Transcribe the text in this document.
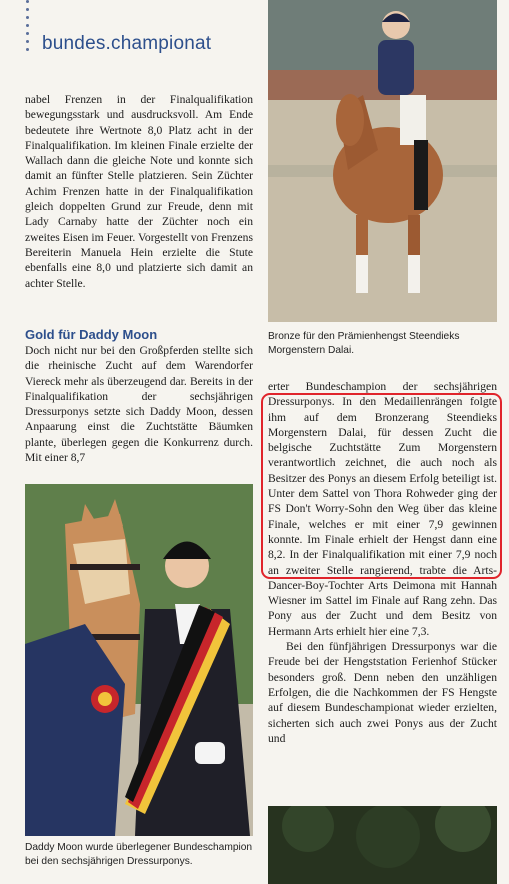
bundes.championat

nabel Frenzen in der Finalqualifikation bewegungsstark und ausdrucksvoll. Am Ende bedeutete ihre Wertnote 8,0 Platz acht in der Finalqualifikation. Im kleinen Finale erzielte der Wallach dann die gleiche Note und konnte sich damit an fünfter Stelle platzieren. Sein Züchter Achim Frenzen hatte in der Finalqualifikation gleich doppelten Grund zur Freude, denn mit Lady Carnaby hatte der Züchter noch ein zweites Eisen im Feuer. Vorgestellt von Frenzens Bereiterin Manuela Hein erzielte die Stute ebenfalls eine 8,0 und platzierte sich damit an achter Stelle.

Gold für Daddy Moon

Doch nicht nur bei den Großpferden stellte sich die rheinische Zucht auf dem Warendorfer Viereck mehr als überzeugend dar. Bereits in der Finalqualifikation der sechsjährigen Dressurponys setzte sich Daddy Moon, dessen Anpaarung einst die Zuchtstätte Bäumken plante, überlegen gegen die Konkurrenz durch. Mit einer 8,7

Bronze für den Prämienhengst Steendieks Morgenstern Dalai.

erter Bundeschampion der sechsjährigen Dressurponys. In den Medaillenrängen folgte ihm auf dem Bronzerang Steendieks Morgenstern Dalai, für dessen Zucht die belgische Zuchtstätte Zum Morgenstern verantwortlich zeichnet, die auch noch als Besitzer des Ponys an diesem Erfolg beteiligt ist. Unter dem Sattel von Thora Rohweder ging der FS Don't Worry-Sohn den Weg über das kleine Finale, welches er mit einer 7,9 gewinnen konnte. Im Finale erhielt der Hengst dann eine 8,2. In der Finalqualifikation mit einer 7,9 noch an zweiter Stelle rangierend, trabte die Arts-Dancer-Boy-Tochter Arts Deimona mit Hannah Wiesner im Sattel im Finale auf Rang zehn. Das Pony aus der Zucht und dem Besitz von Hermann Arts erhielt hier eine 7,3.

Bei den fünfjährigen Dressurponys war die Freude bei der Hengststation Ferienhof Stücker besonders groß. Denn neben den unzähligen Erfolgen, die die Nachkommen der FS Hengste auf diesem Bundeschampionat wieder erzielten, sicherten sich auch zwei Ponys aus der Zucht und

Daddy Moon wurde überlegener Bundeschampion bei den sechsjährigen Dressurponys.
